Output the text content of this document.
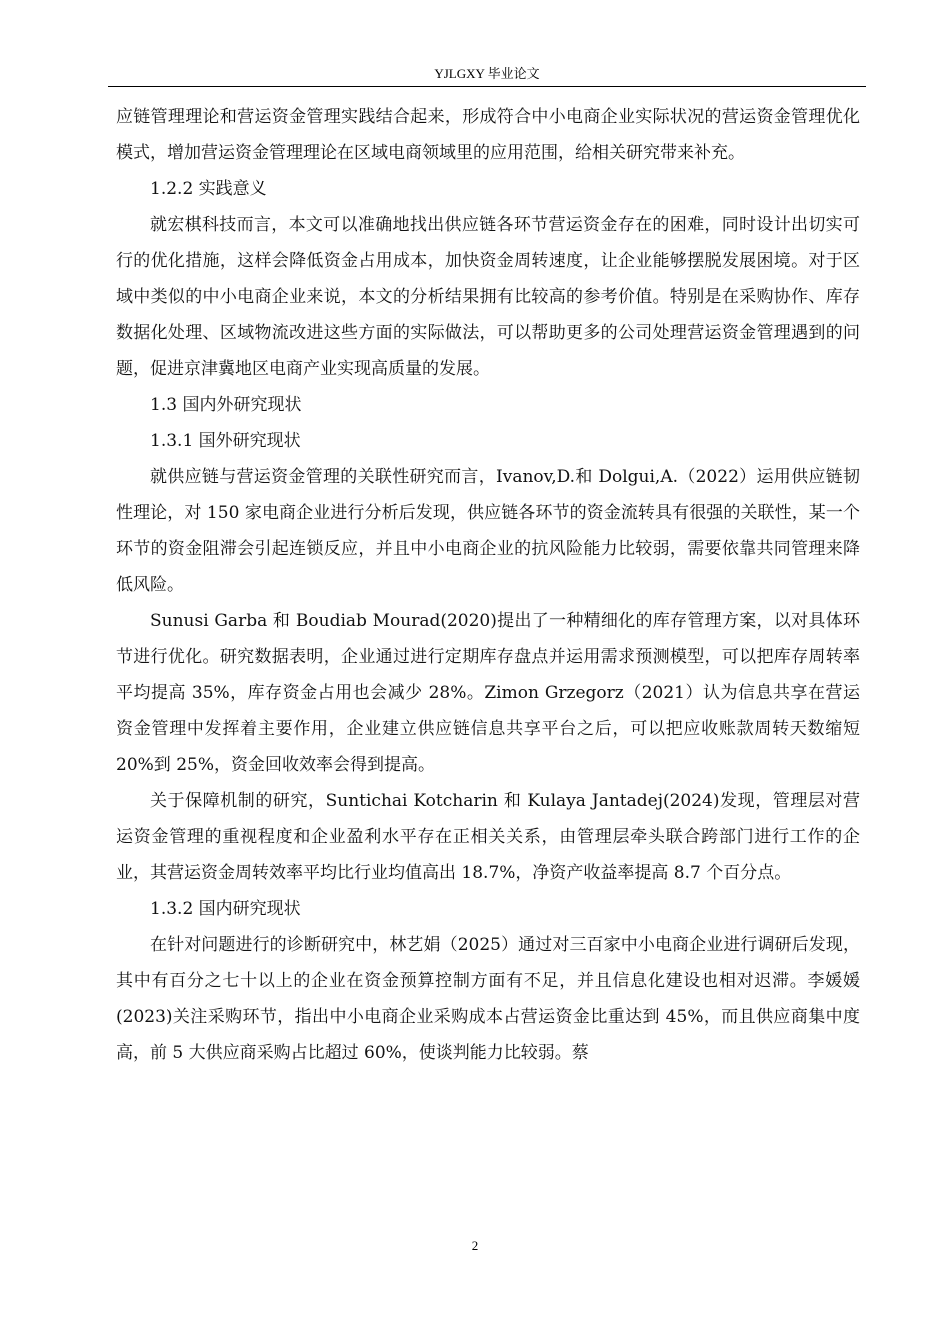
YJLGXY 毕业论文

应链管理理论和营运资金管理实践结合起来，形成符合中小电商企业实际状况的营运资金管理优化模式，增加营运资金管理理论在区域电商领域里的应用范围，给相关研究带来补充。

1.2.2 实践意义

就宏棋科技而言，本文可以准确地找出供应链各环节营运资金存在的困难，同时设计出切实可行的优化措施，这样会降低资金占用成本，加快资金周转速度，让企业能够摆脱发展困境。对于区域中类似的中小电商企业来说，本文的分析结果拥有比较高的参考价值。特别是在采购协作、库存数据化处理、区域物流改进这些方面的实际做法，可以帮助更多的公司处理营运资金管理遇到的问题，促进京津冀地区电商产业实现高质量的发展。

1.3 国内外研究现状

1.3.1 国外研究现状

就供应链与营运资金管理的关联性研究而言，Ivanov,D.和 Dolgui,A.（2022）运用供应链韧性理论，对 150 家电商企业进行分析后发现，供应链各环节的资金流转具有很强的关联性，某一个环节的资金阻滞会引起连锁反应，并且中小电商企业的抗风险能力比较弱，需要依靠共同管理来降低风险。

Sunusi Garba 和 Boudiab Mourad(2020)提出了一种精细化的库存管理方案，以对具体环节进行优化。研究数据表明，企业通过进行定期库存盘点并运用需求预测模型，可以把库存周转率平均提高 35%，库存资金占用也会减少 28%。Zimon Grzegorz（2021）认为信息共享在营运资金管理中发挥着主要作用，企业建立供应链信息共享平台之后，可以把应收账款周转天数缩短 20%到 25%，资金回收效率会得到提高。

关于保障机制的研究，Suntichai Kotcharin 和 Kulaya Jantadej(2024)发现，管理层对营运资金管理的重视程度和企业盈利水平存在正相关关系，由管理层牵头联合跨部门进行工作的企业，其营运资金周转效率平均比行业均值高出 18.7%，净资产收益率提高 8.7 个百分点。

1.3.2 国内研究现状

在针对问题进行的诊断研究中，林艺娟（2025）通过对三百家中小电商企业进行调研后发现，其中有百分之七十以上的企业在资金预算控制方面有不足，并且信息化建设也相对迟滞。李媛媛(2023)关注采购环节，指出中小电商企业采购成本占营运资金比重达到 45%，而且供应商集中度高，前 5 大供应商采购占比超过 60%，使谈判能力比较弱。蔡

2
